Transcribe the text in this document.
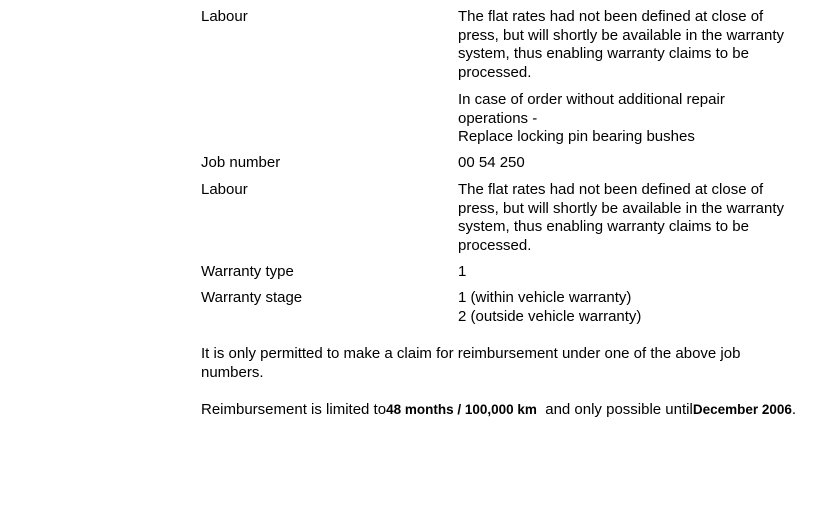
Labour	The flat rates had not been defined at close of press, but will shortly be available in the warranty system, thus enabling warranty claims to be processed.
In case of order without additional repair operations -
Replace locking pin bearing bushes
Job number	00 54 250
Labour	The flat rates had not been defined at close of press, but will shortly be available in the warranty system, thus enabling warranty claims to be processed.
Warranty type	1
Warranty stage	1 (within vehicle warranty)
2 (outside vehicle warranty)
It is only permitted to make a claim for reimbursement under one of the above job numbers.
Reimbursement is limited to48 months / 100,000 km  and only possible untilDecember 2006.
